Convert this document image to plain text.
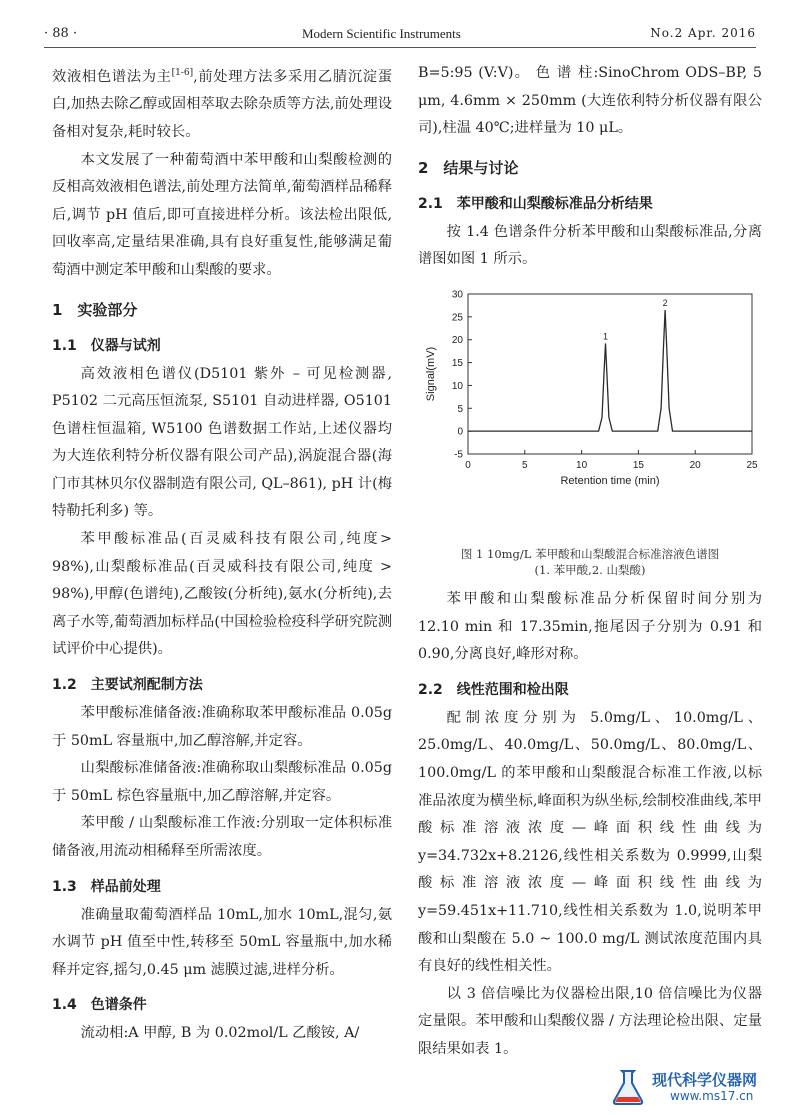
· 88 ·	Modern Scientific Instruments	No.2 Apr. 2016

效液相色谱法为主[1-6],前处理方法多采用乙腈沉淀蛋白,加热去除乙醇或固相萃取去除杂质等方法,前处理设备相对复杂,耗时较长。

本文发展了一种葡萄酒中苯甲酸和山梨酸检测的反相高效液相色谱法,前处理方法简单,葡萄酒样品稀释后,调节 pH 值后,即可直接进样分析。该法检出限低,回收率高,定量结果准确,具有良好重复性,能够满足葡萄酒中测定苯甲酸和山梨酸的要求。

1　实验部分
1.1　仪器与试剂

高效液相色谱仪(D5101 紫外 – 可见检测器, P5102 二元高压恒流泵, S5101 自动进样器, O5101 色谱柱恒温箱, W5100 色谱数据工作站,上述仪器均为大连依利特分析仪器有限公司产品),涡旋混合器(海门市其林贝尔仪器制造有限公司, QL–861), pH 计(梅特勒托利多) 等。

苯甲酸标准品(百灵威科技有限公司,纯度> 98%),山梨酸标准品(百灵威科技有限公司,纯度 > 98%),甲醇(色谱纯),乙酸铵(分析纯),氨水(分析纯),去离子水等,葡萄酒加标样品(中国检验检疫科学研究院测试评价中心提供)。

1.2　主要试剂配制方法

苯甲酸标准储备液:准确称取苯甲酸标准品 0.05g 于 50mL 容量瓶中,加乙醇溶解,并定容。

山梨酸标准储备液:准确称取山梨酸标准品 0.05g 于 50mL 棕色容量瓶中,加乙醇溶解,并定容。

苯甲酸 / 山梨酸标准工作液:分别取一定体积标准储备液,用流动相稀释至所需浓度。

1.3　样品前处理

准确量取葡萄酒样品 10mL,加水 10mL,混匀,氨水调节 pH 值至中性,转移至 50mL 容量瓶中,加水稀释并定容,摇匀,0.45 μm 滤膜过滤,进样分析。

1.4　色谱条件

流动相:A 甲醇, B 为 0.02mol/L 乙酸铵, A/

B=5:95 (V:V)。 色 谱 柱:SinoChrom ODS–BP, 5 μm, 4.6mm × 250mm (大连依利特分析仪器有限公司),柱温 40℃;进样量为 10 μL。

2　结果与讨论
2.1　苯甲酸和山梨酸标准品分析结果

按 1.4 色谱条件分析苯甲酸和山梨酸标准品,分离谱图如图 1 所示。

0	5	10	15	20	25
-5
0
5
10
15
20
25
30
Retention time (min)
Signal(mV)
1
2
图 1 10mg/L 苯甲酸和山梨酸混合标准溶液色谱图
(1. 苯甲酸,2. 山梨酸)

苯甲酸和山梨酸标准品分析保留时间分别为 12.10 min 和 17.35min,拖尾因子分别为 0.91 和 0.90,分离良好,峰形对称。

2.2　线性范围和检出限

配制浓度分别为 5.0mg/L、10.0mg/L、25.0mg/L、40.0mg/L、50.0mg/L、80.0mg/L、100.0mg/L 的苯甲酸和山梨酸混合标准工作液,以标准品浓度为横坐标,峰面积为纵坐标,绘制校准曲线,苯甲酸标准溶液浓度—峰面积线性曲线为 y=34.732x+8.2126,线性相关系数为 0.9999,山梨酸标准溶液浓度—峰面积线性曲线为 y=59.451x+11.710,线性相关系数为 1.0,说明苯甲酸和山梨酸在 5.0 ~ 100.0 mg/L 测试浓度范围内具有良好的线性相关性。

以 3 倍信噪比为仪器检出限,10 倍信噪比为仪器定量限。苯甲酸和山梨酸仪器 / 方法理论检出限、定量限结果如表 1。

现代科学仪器网
www.ms17.cn
